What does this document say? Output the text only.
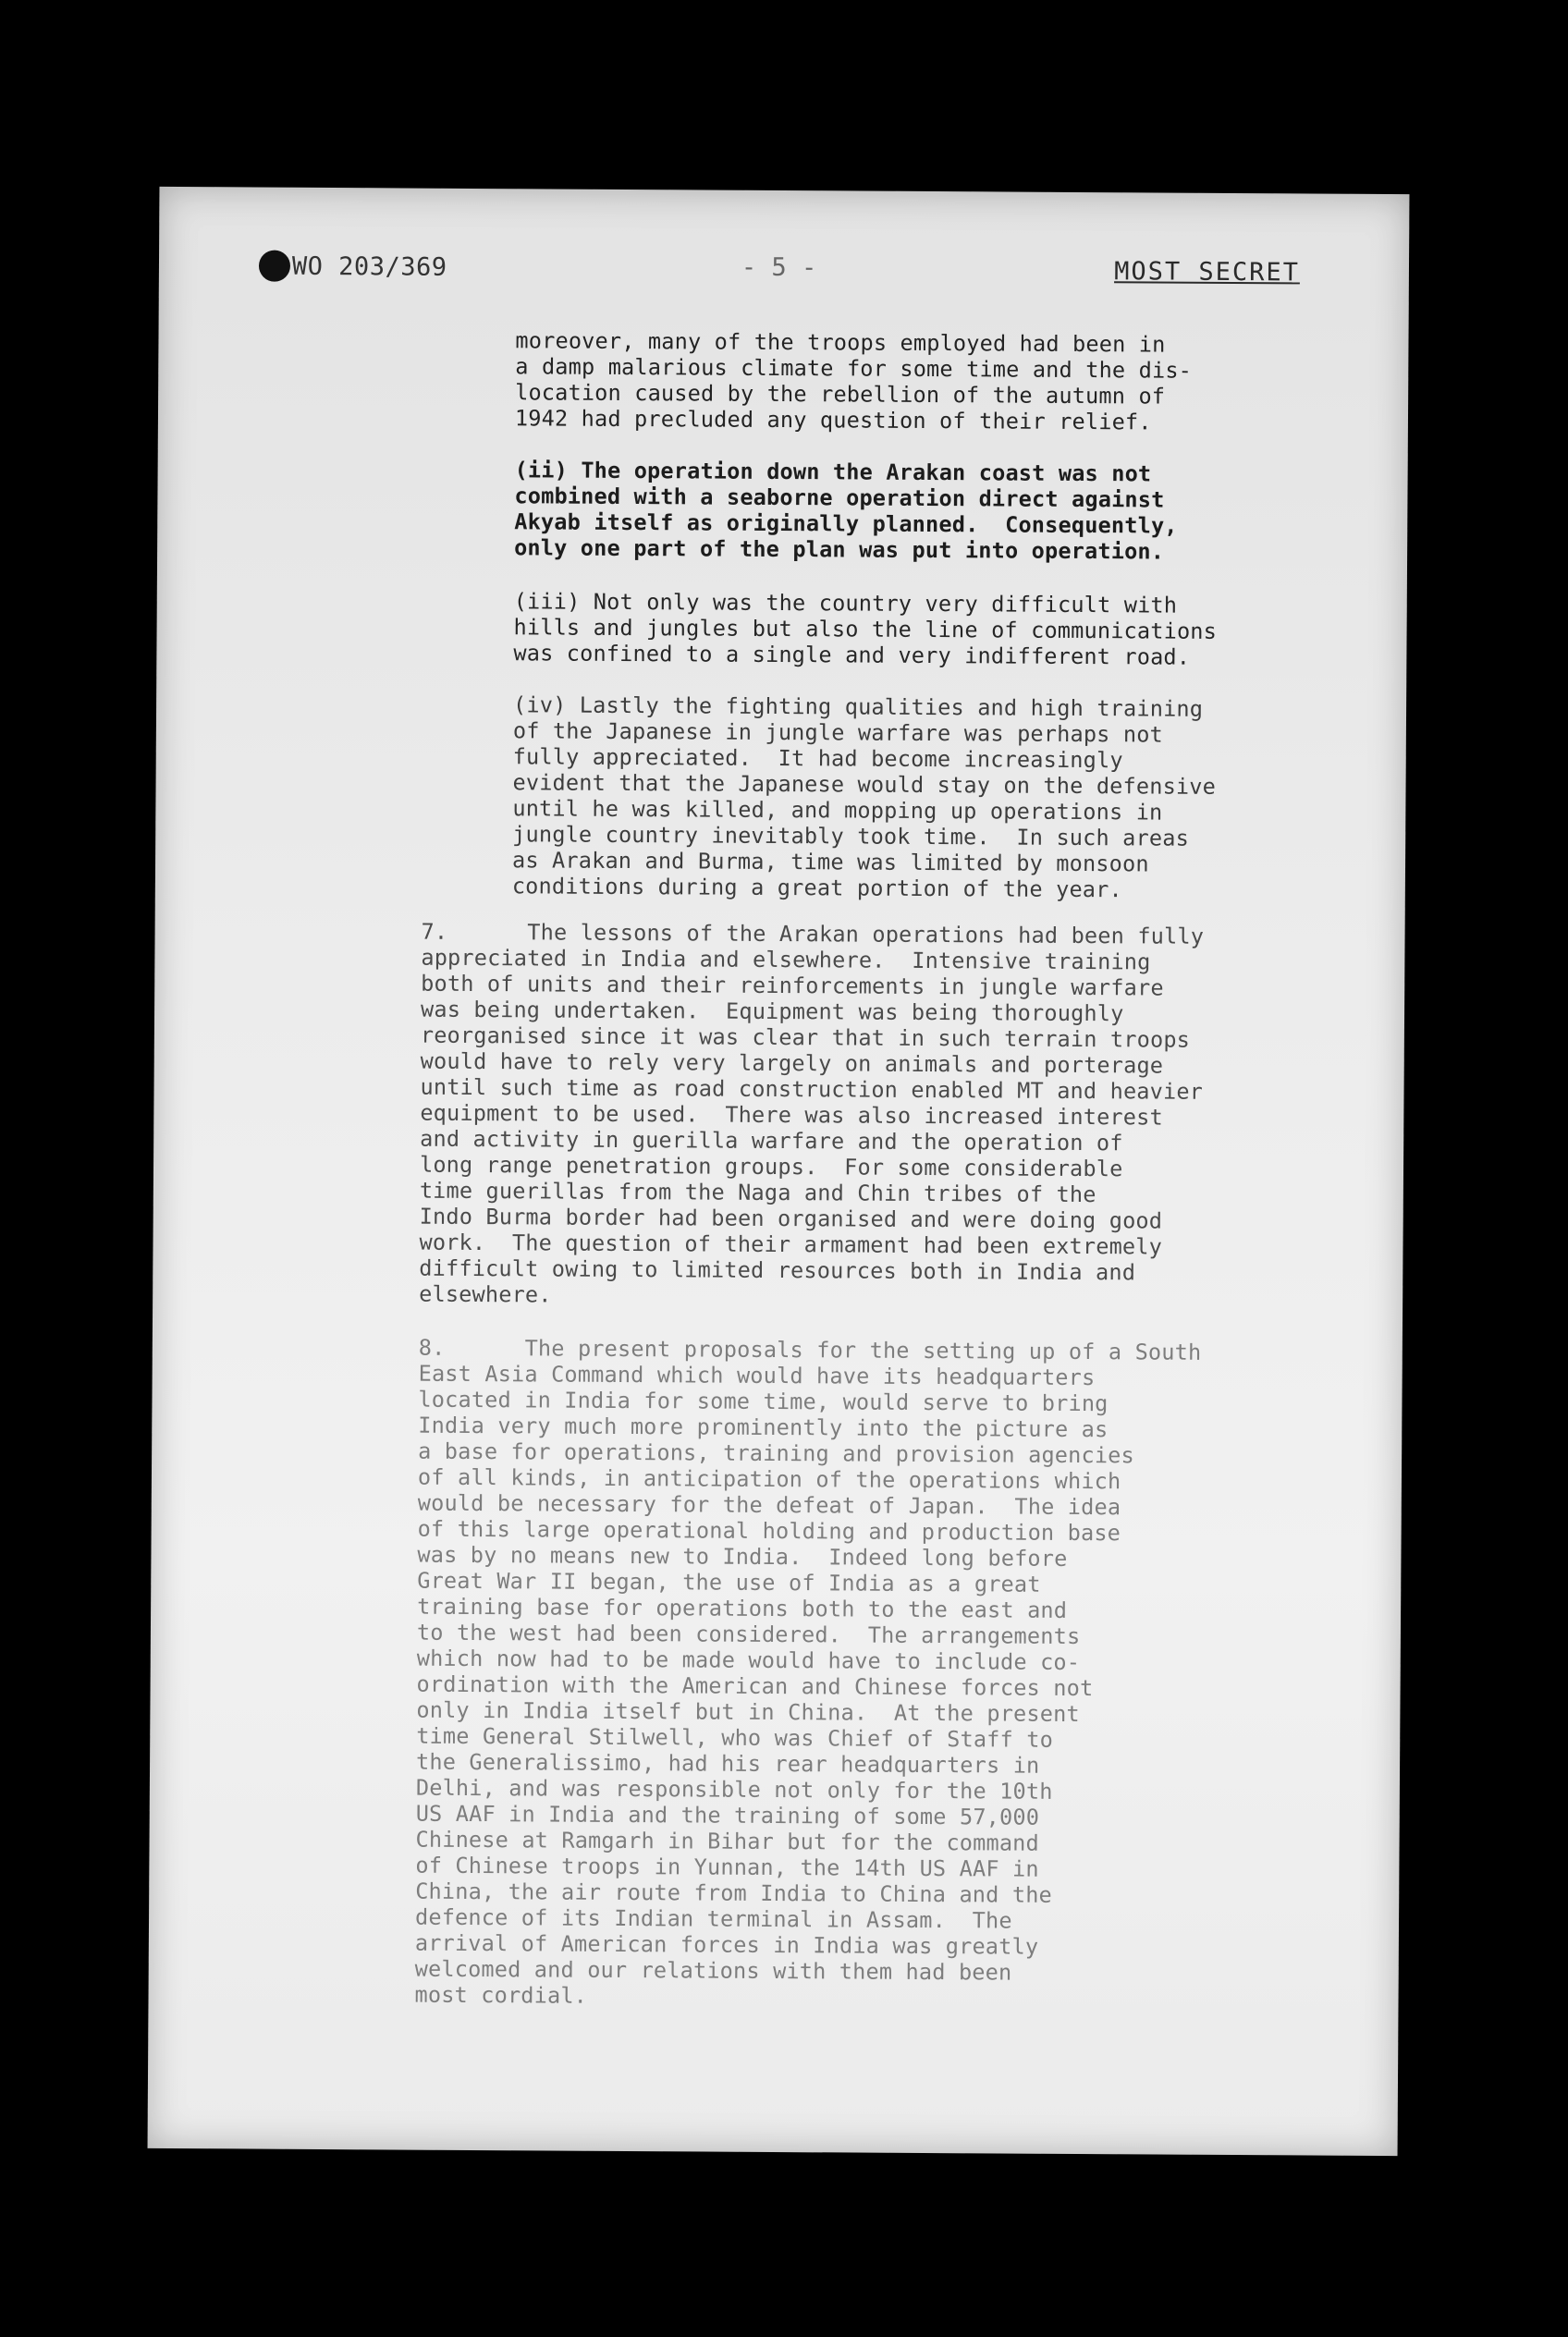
WO 203/369	- 5 -	MOST SECRET

moreover, many of the troops employed had been in
a damp malarious climate for some time and the dis-
location caused by the rebellion of the autumn of
1942 had precluded any question of their relief.

(ii) The operation down the Arakan coast was not
combined with a seaborne operation direct against
Akyab itself as originally planned.  Consequently,
only one part of the plan was put into operation.

(iii) Not only was the country very difficult with
hills and jungles but also the line of communications
was confined to a single and very indifferent road.

(iv) Lastly the fighting qualities and high training
of the Japanese in jungle warfare was perhaps not
fully appreciated.  It had become increasingly
evident that the Japanese would stay on the defensive
until he was killed, and mopping up operations in
jungle country inevitably took time.  In such areas
as Arakan and Burma, time was limited by monsoon
conditions during a great portion of the year.

7.      The lessons of the Arakan operations had been fully
appreciated in India and elsewhere.  Intensive training
both of units and their reinforcements in jungle warfare
was being undertaken.  Equipment was being thoroughly
reorganised since it was clear that in such terrain troops
would have to rely very largely on animals and porterage
until such time as road construction enabled MT and heavier
equipment to be used.  There was also increased interest
and activity in guerilla warfare and the operation of
long range penetration groups.  For some considerable
time guerillas from the Naga and Chin tribes of the
Indo Burma border had been organised and were doing good
work.  The question of their armament had been extremely
difficult owing to limited resources both in India and
elsewhere.

8.      The present proposals for the setting up of a South
East Asia Command which would have its headquarters
located in India for some time, would serve to bring
India very much more prominently into the picture as
a base for operations, training and provision agencies
of all kinds, in anticipation of the operations which
would be necessary for the defeat of Japan.  The idea
of this large operational holding and production base
was by no means new to India.  Indeed long before
Great War II began, the use of India as a great
training base for operations both to the east and
to the west had been considered.  The arrangements
which now had to be made would have to include co-
ordination with the American and Chinese forces not
only in India itself but in China.  At the present
time General Stilwell, who was Chief of Staff to
the Generalissimo, had his rear headquarters in
Delhi, and was responsible not only for the 10th
US AAF in India and the training of some 57,000
Chinese at Ramgarh in Bihar but for the command
of Chinese troops in Yunnan, the 14th US AAF in
China, the air route from India to China and the
defence of its Indian terminal in Assam.  The
arrival of American forces in India was greatly
welcomed and our relations with them had been
most cordial.
